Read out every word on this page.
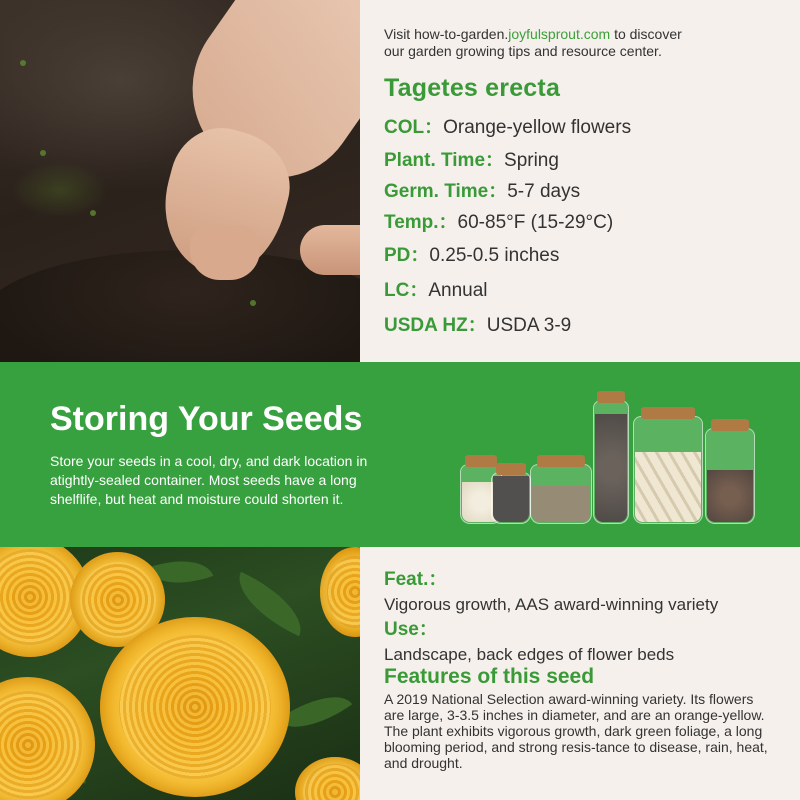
Visit how-to-garden.joyfulsprout.com to discover
our garden growing tips and resource center.
Tagetes erecta
COL：Orange-yellow flowers
Plant. Time：Spring
Germ. Time：5-7 days
Temp.：60-85°F (15-29°C)
PD：0.25-0.5 inches
LC：Annual
USDA HZ：USDA 3-9
Storing Your Seeds
Store your seeds in a cool, dry, and dark location in atightly-sealed container. Most seeds have a long shelflife, but heat and moisture could shorten it.
Feat.：
Vigorous growth, AAS award-winning variety
Use：
Landscape, back edges of flower beds
Features of this seed
A 2019 National Selection award-winning variety. Its flowers are large, 3-3.5 inches in diameter, and are an orange-yellow. The plant exhibits vigorous growth, dark green foliage, a long blooming period, and strong resis-tance to disease, rain, heat, and drought.
